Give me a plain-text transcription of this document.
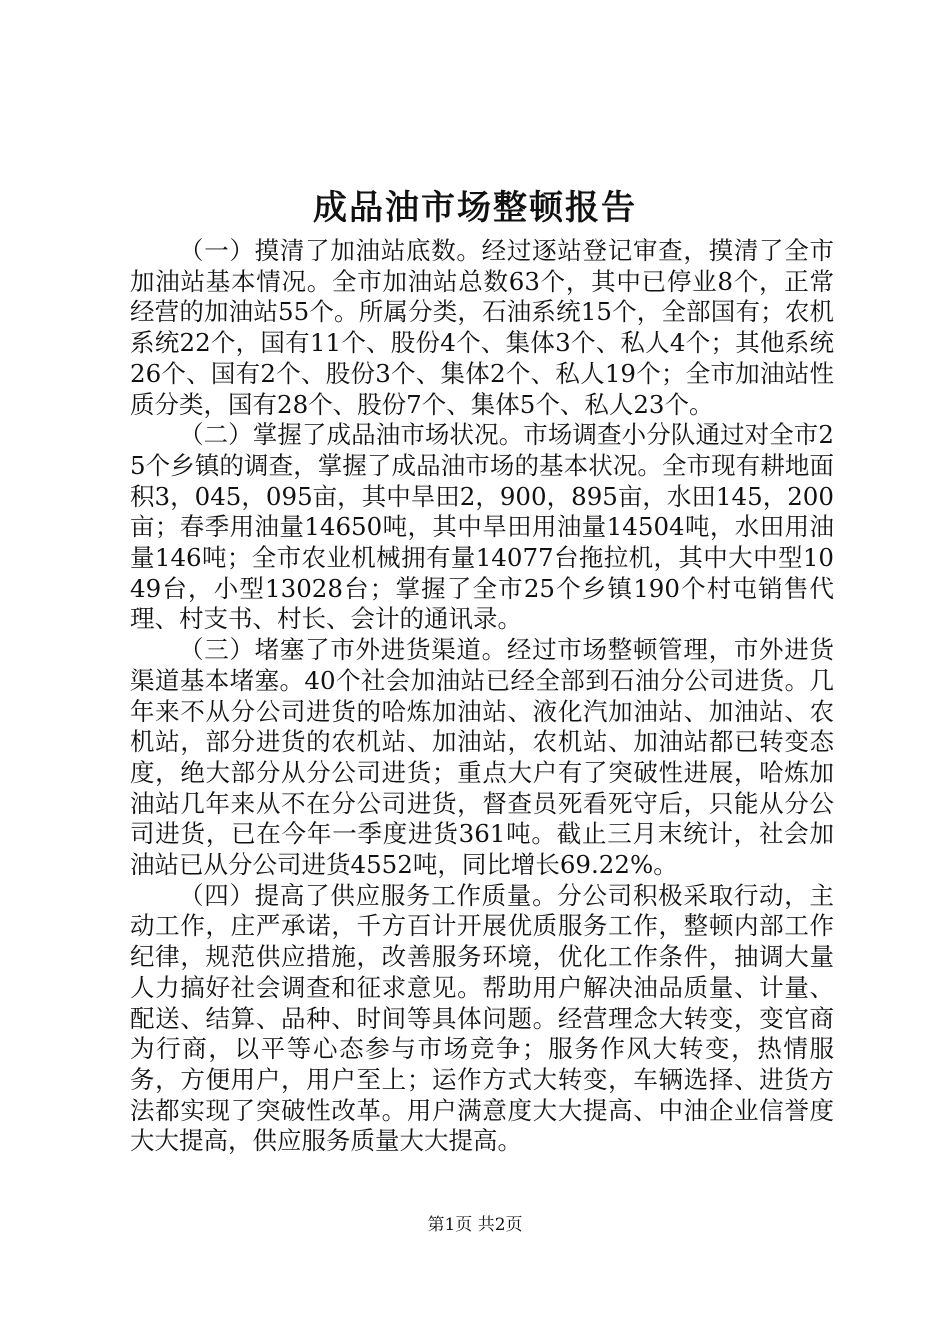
成品油市场整顿报告

（一）摸清了加油站底数。经过逐站登记审查，摸清了全市加油站基本情况。全市加油站总数63个，其中已停业8个，正常经营的加油站55个。所属分类，石油系统15个，全部国有；农机系统22个，国有11个、股份4个、集体3个、私人4个；其他系统26个、国有2个、股份3个、集体2个、私人19个；全市加油站性质分类，国有28个、股份7个、集体5个、私人23个。

（二）掌握了成品油市场状况。市场调查小分队通过对全市25个乡镇的调查，掌握了成品油市场的基本状况。全市现有耕地面积3，045，095亩，其中旱田2，900，895亩，水田145，200亩；春季用油量14650吨，其中旱田用油量14504吨，水田用油量146吨；全市农业机械拥有量14077台拖拉机，其中大中型1049台，小型13028台；掌握了全市25个乡镇190个村屯销售代理、村支书、村长、会计的通讯录。

（三）堵塞了市外进货渠道。经过市场整顿管理，市外进货渠道基本堵塞。40个社会加油站已经全部到石油分公司进货。几年来不从分公司进货的哈炼加油站、液化汽加油站、加油站、农机站，部分进货的农机站、加油站，农机站、加油站都已转变态度，绝大部分从分公司进货；重点大户有了突破性进展，哈炼加油站几年来从不在分公司进货，督查员死看死守后，只能从分公司进货，已在今年一季度进货361吨。截止三月末统计，社会加油站已从分公司进货4552吨，同比增长69.22%。

（四）提高了供应服务工作质量。分公司积极采取行动，主动工作，庄严承诺，千方百计开展优质服务工作，整顿内部工作纪律，规范供应措施，改善服务环境，优化工作条件，抽调大量人力搞好社会调查和征求意见。帮助用户解决油品质量、计量、配送、结算、品种、时间等具体问题。经营理念大转变，变官商为行商，以平等心态参与市场竞争；服务作风大转变，热情服务，方便用户，用户至上；运作方式大转变，车辆选择、进货方法都实现了突破性改革。用户满意度大大提高、中油企业信誉度大大提高，供应服务质量大大提高。

第1页 共2页
